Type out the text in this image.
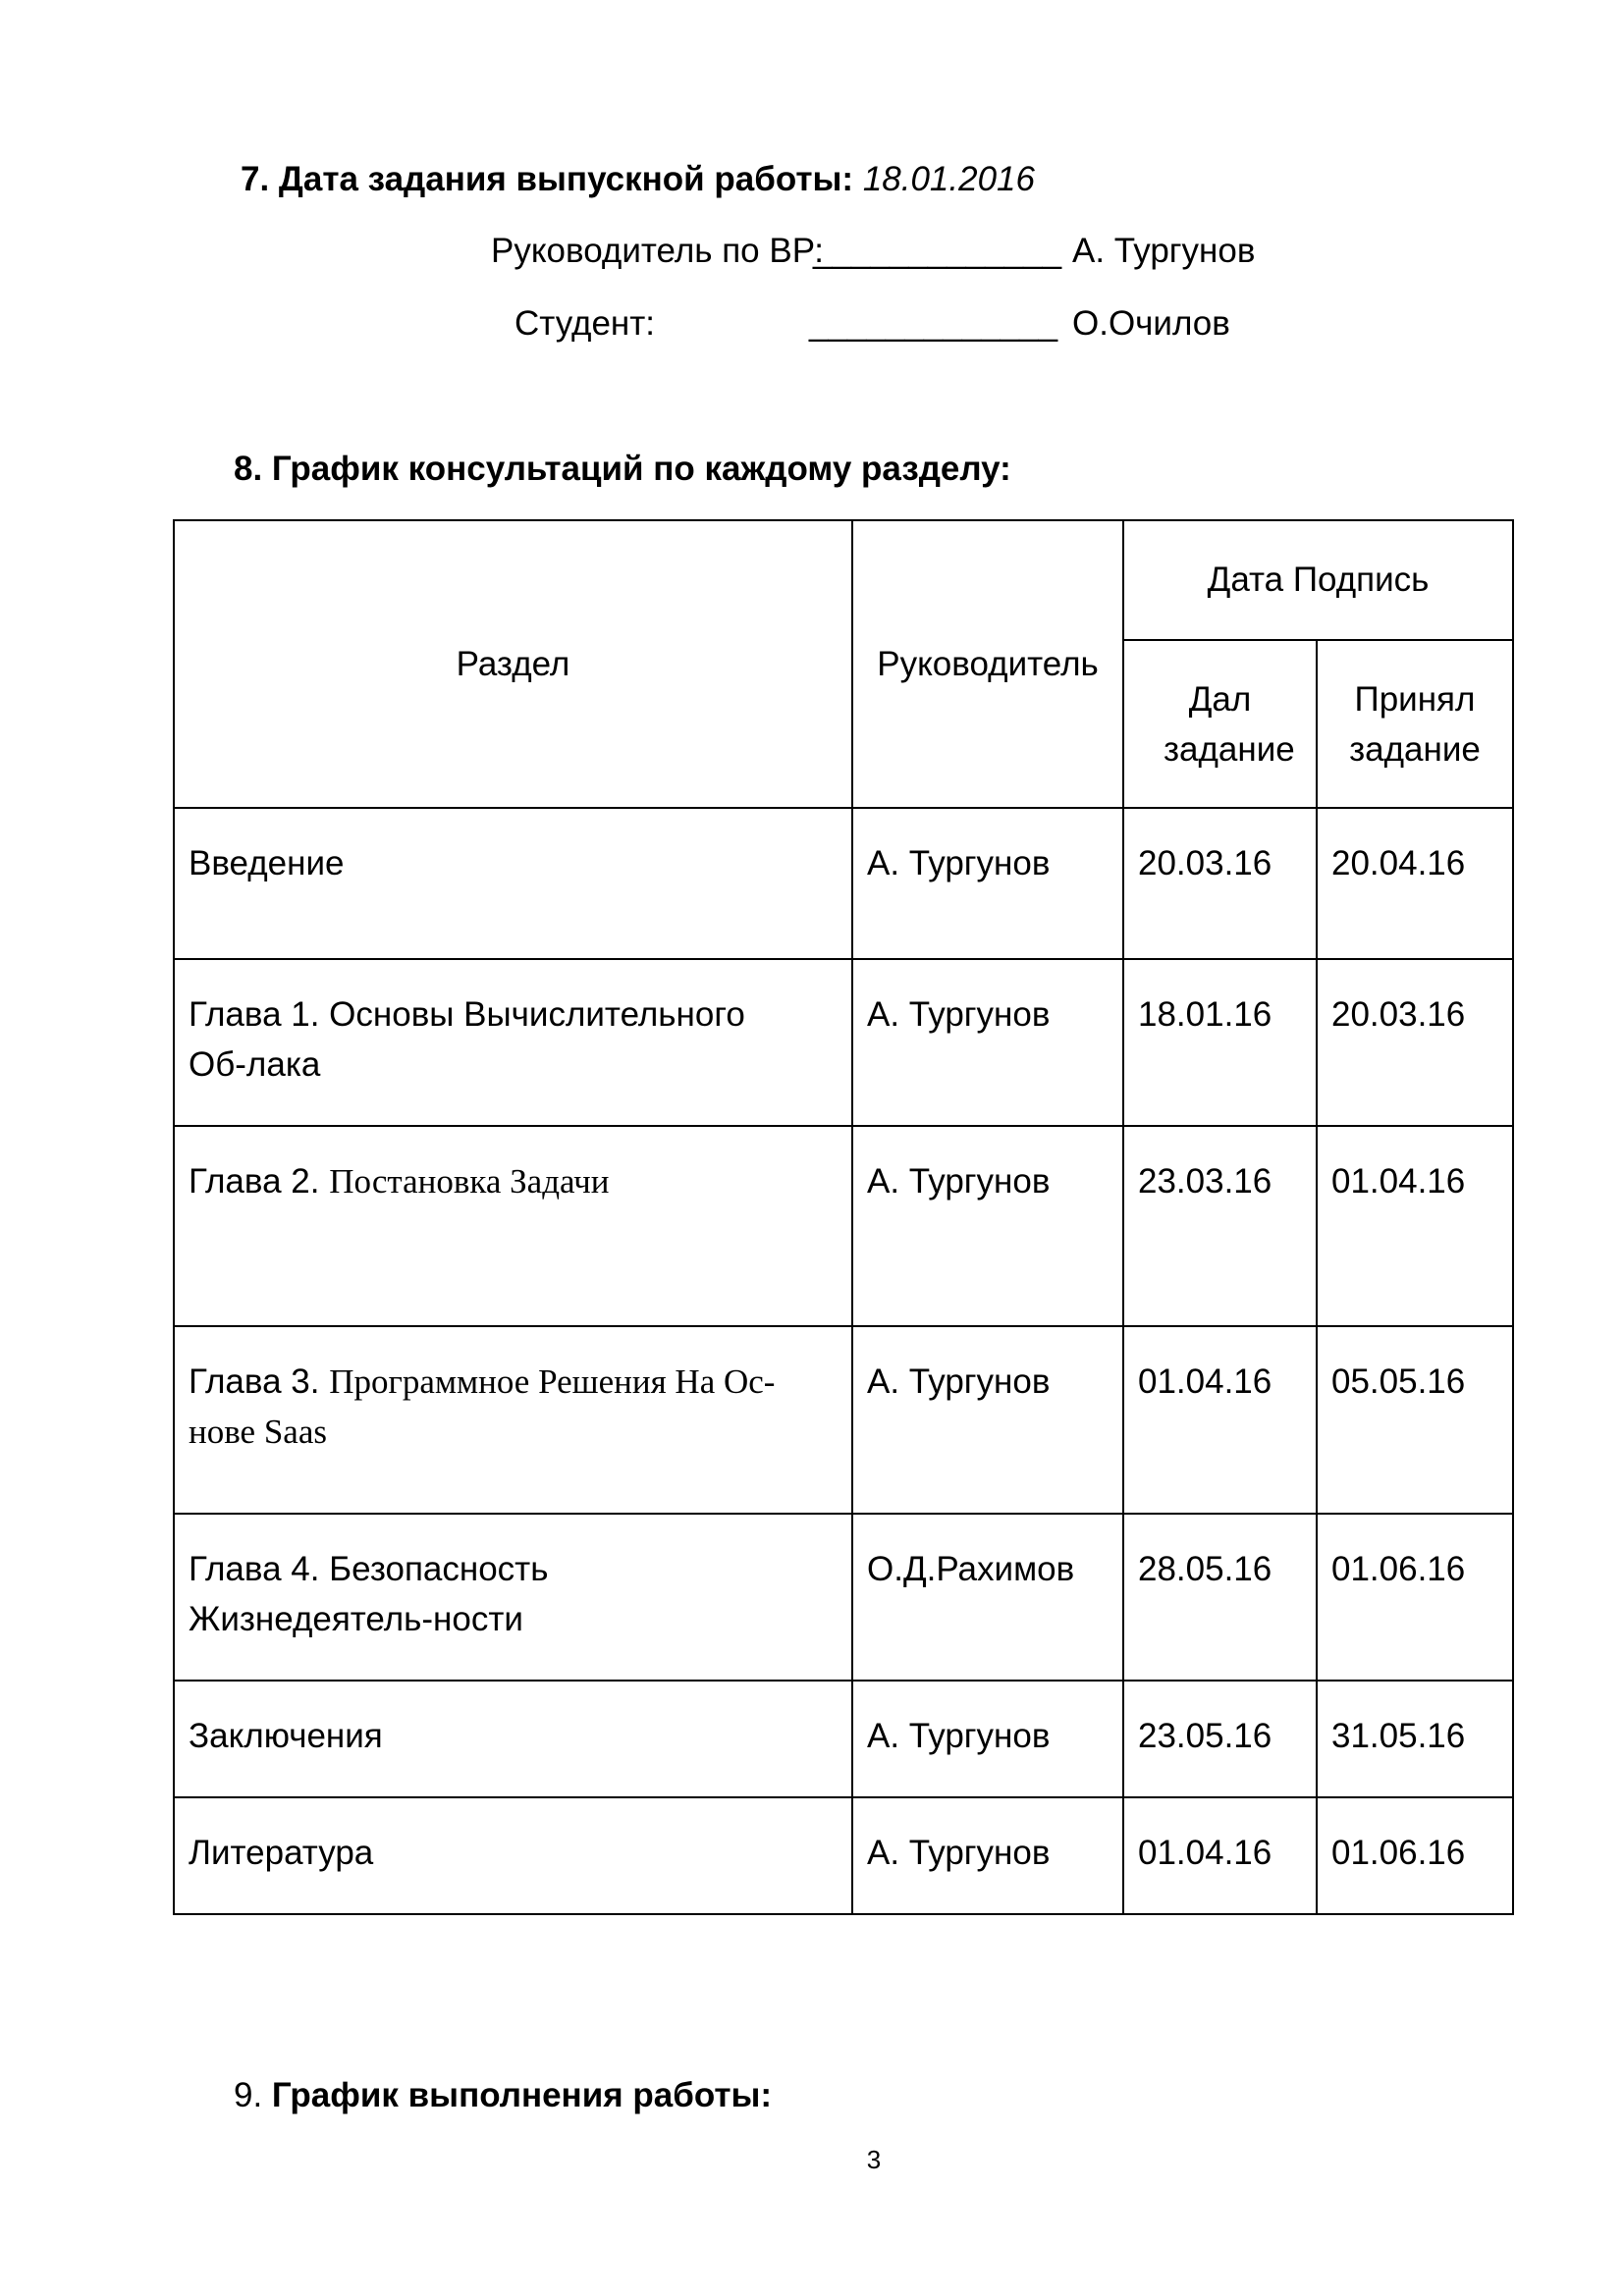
7. Дата задания выпускной работы: 18.01.2016
Руководитель по ВР:
_____________ А. Тургунов
Студент:	_____________ О.Очилов
8. График консультаций по каждому разделу:
Раздел	Руководитель	Дата Подпись	
		Дал задание	Принял задание
Введение	А. Тургунов	20.03.16	20.04.16
Глава 1. Основы Вычислительного Об-лака	А. Тургунов	18.01.16	20.03.16
Глава 2. Постановка Задачи	А. Тургунов	23.03.16	01.04.16
Глава 3. Программное Решения На Ос-нове Saas	А. Тургунов	01.04.16	05.05.16
Глава 4. Безопасность Жизнедеятель-ности	О.Д.Рахимов	28.05.16	01.06.16
Заключения	А. Тургунов	23.05.16	31.05.16
Литература	А. Тургунов	01.04.16	01.06.16
9. График выполнения работы:
3
